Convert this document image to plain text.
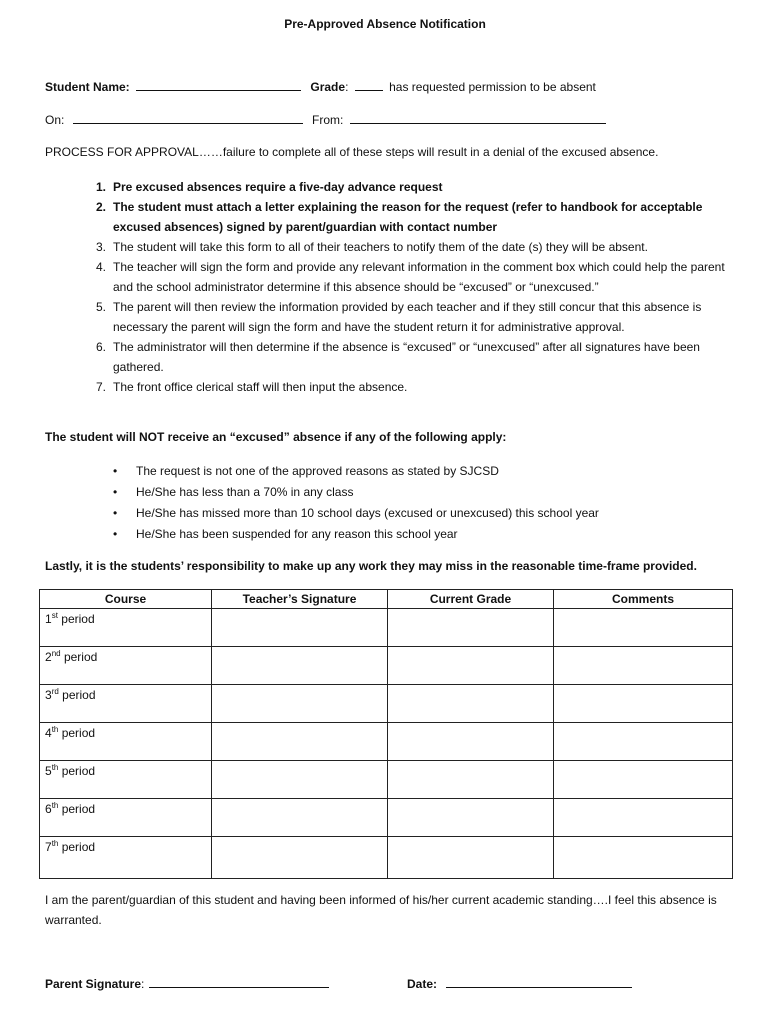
Pre-Approved Absence Notification
Student Name:	Grade:	has requested permission to be absent
On:	From:
PROCESS FOR APPROVAL……failure to complete all of these steps will result in a denial of the excused absence.
1. Pre excused absences require a five-day advance request
2. The student must attach a letter explaining the reason for the request (refer to handbook for acceptable excused absences) signed by parent/guardian with contact number
3. The student will take this form to all of their teachers to notify them of the date (s) they will be absent.
4. The teacher will sign the form and provide any relevant information in the comment box which could help the parent and the school administrator determine if this absence should be “excused” or “unexcused.”
5. The parent will then review the information provided by each teacher and if they still concur that this absence is necessary the parent will sign the form and have the student return it for administrative approval.
6. The administrator will then determine if the absence is “excused” or “unexcused” after all signatures have been gathered.
7. The front office clerical staff will then input the absence.
The student will NOT receive an “excused” absence if any of the following apply:
• The request is not one of the approved reasons as stated by SJCSD
• He/She has less than a 70% in any class
• He/She has missed more than 10 school days (excused or unexcused) this school year
• He/She has been suspended for any reason this school year
Lastly, it is the students’ responsibility to make up any work they may miss in the reasonable time-frame provided.
Course	Teacher’s Signature	Current Grade	Comments
1st period			
2nd period			
3rd period			
4th period			
5th period			
6th period			
7th period			
I am the parent/guardian of this student and having been informed of his/her current academic standing….I feel this absence is warranted.
Parent Signature:	Date:
